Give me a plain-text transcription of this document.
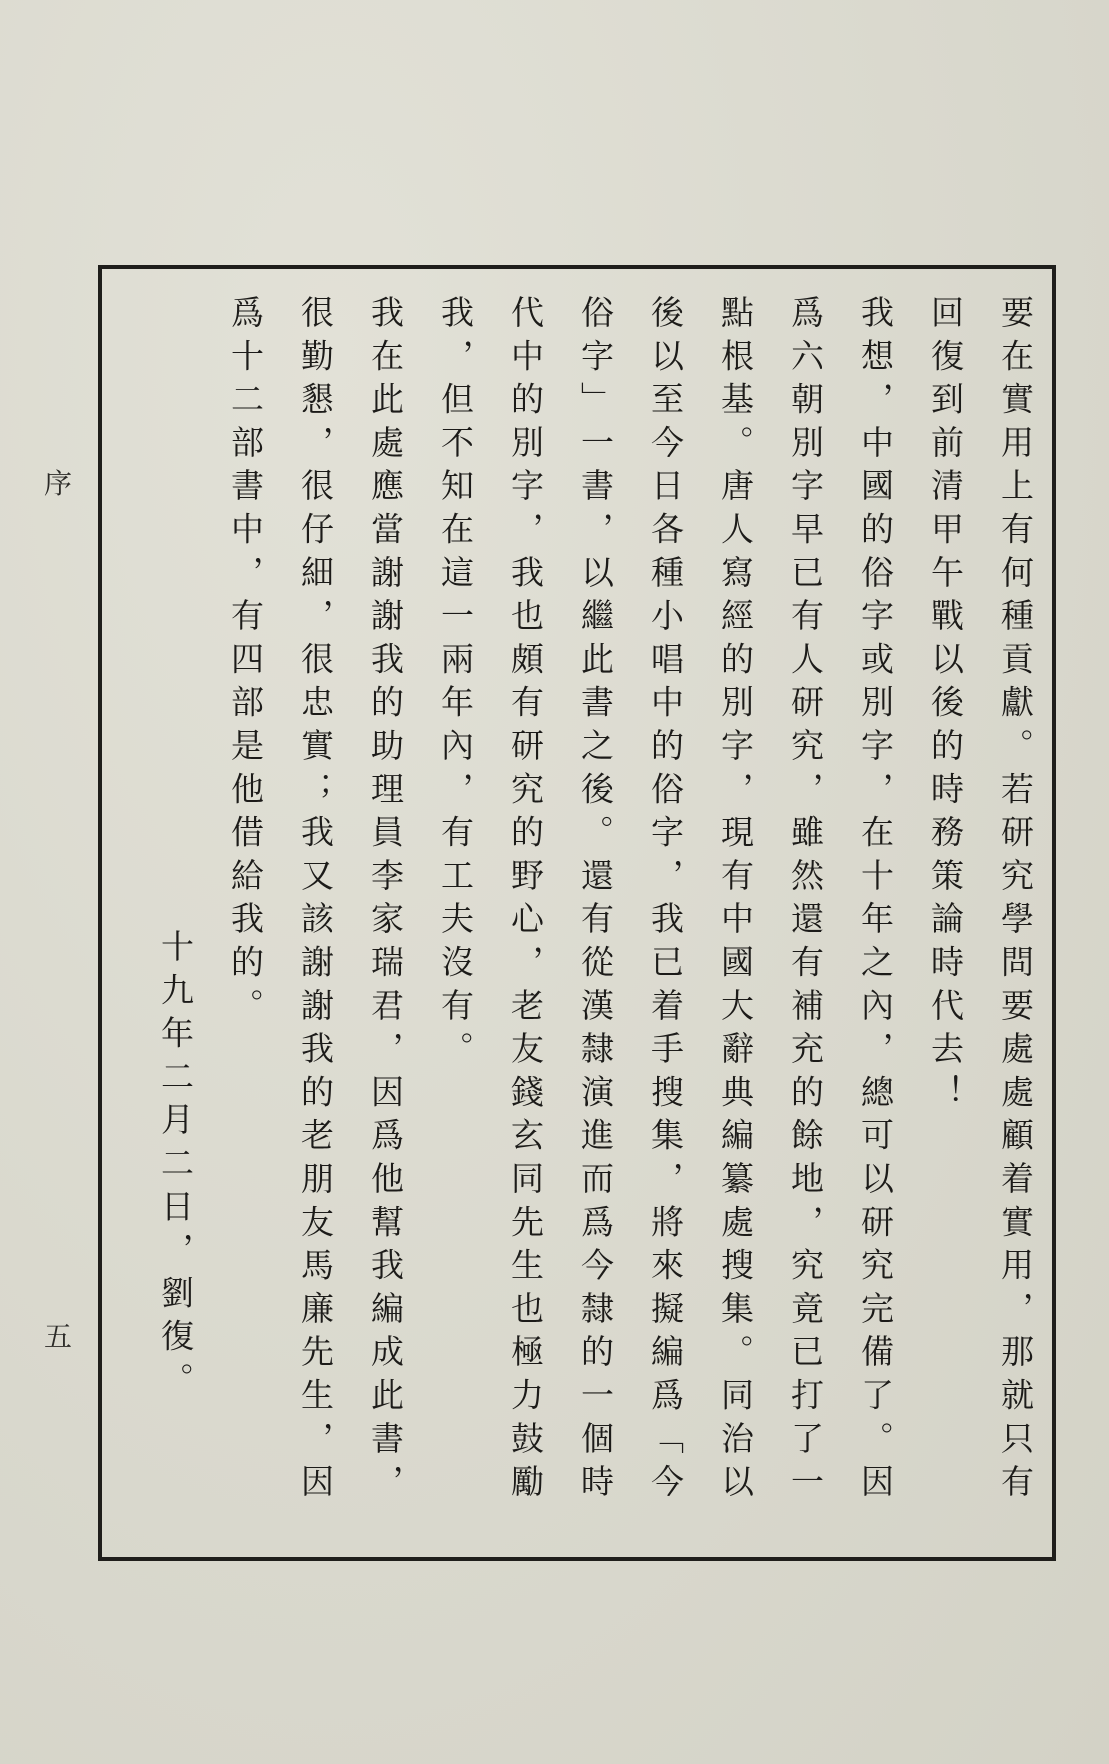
序
五	要在實用上有何種貢獻。若研究學問要處處顧着實用，那就只有
回復到前清甲午戰以後的時務策論時代去！
我想，中國的俗字或別字，在十年之內，總可以研究完備了。因
爲六朝別字早已有人研究，雖然還有補充的餘地，究竟已打了一
點根基。唐人寫經的別字，現有中國大辭典編纂處搜集。同治以
後以至今日各種小唱中的俗字，我已着手搜集，將來擬編爲「今
俗字」一書，以繼此書之後。還有從漢隸演進而爲今隸的一個時
代中的別字，我也頗有研究的野心，老友錢玄同先生也極力鼓勵
我，但不知在這一兩年內，有工夫沒有。
我在此處應當謝謝我的助理員李家瑞君，因爲他幫我編成此書，
很勤懇，很仔細，很忠實；我又該謝謝我的老朋友馬廉先生，因
爲十二部書中，有四部是他借給我的。
十九年二月二日，劉復。
